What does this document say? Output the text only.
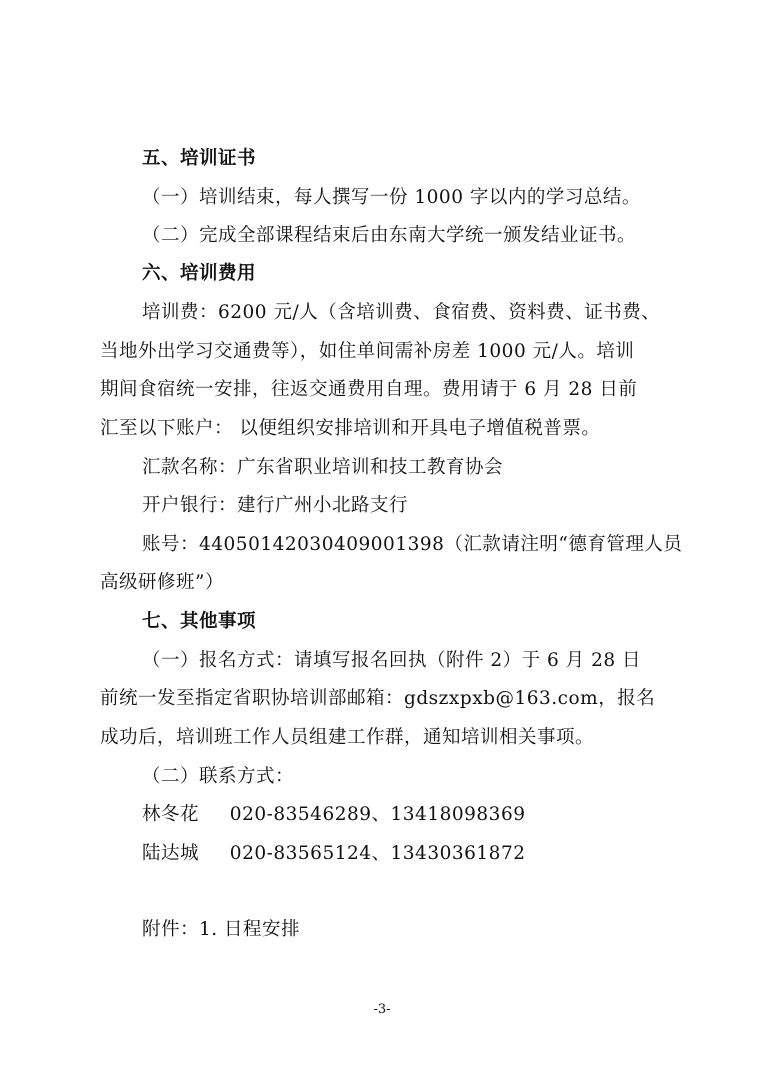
五、培训证书
（一）培训结束，每人撰写一份 1000 字以内的学习总结。
（二）完成全部课程结束后由东南大学统一颁发结业证书。
六、培训费用
培训费：6200 元/人（含培训费、食宿费、资料费、证书费、
当地外出学习交通费等），如住单间需补房差 1000 元/人。培训
期间食宿统一安排，往返交通费用自理。费用请于 6 月 28 日前
汇至以下账户： 以便组织安排培训和开具电子增值税普票。
汇款名称：广东省职业培训和技工教育协会
开户银行：建行广州小北路支行
账号：44050142030409001398（汇款请注明“德育管理人员
高级研修班”）
七、其他事项
（一）报名方式：请填写报名回执（附件 2）于 6 月 28 日
前统一发至指定省职协培训部邮箱：gdszxpxb@163.com，报名
成功后，培训班工作人员组建工作群，通知培训相关事项。
（二）联系方式：
林冬花 020-83546289、13418098369
陆达城 020-83565124、13430361872
附件：1. 日程安排
-3-
